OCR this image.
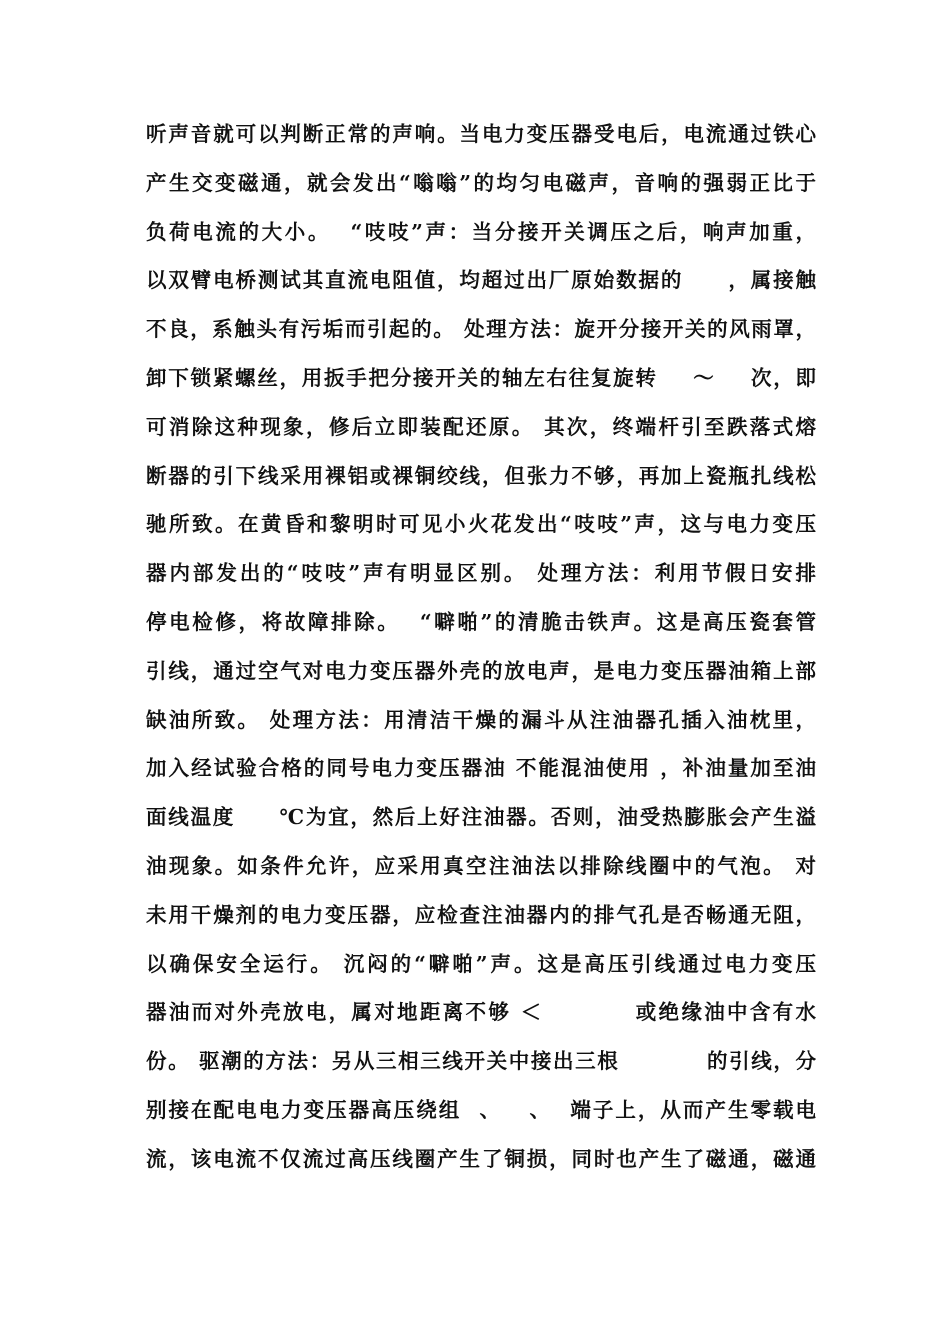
听声音就可以判断正常的声响。当电力变压器受电后，电流通过铁心
产生交变磁通，就会发出“嗡嗡”的均匀电磁声，音响的强弱正比于
负荷电流的大小。  “吱吱”声：当分接开关调压之后，响声加重，
以双臂电桥测试其直流电阻值，均超过出厂原始数据的     ，属接触
不良，系触头有污垢而引起的。 处理方法：旋开分接开关的风雨罩，
卸下锁紧螺丝，用扳手把分接开关的轴左右往复旋转    ～    次，即
可消除这种现象，修后立即装配还原。 其次，终端杆引至跌落式熔
断器的引下线采用裸铝或裸铜绞线，但张力不够，再加上瓷瓶扎线松
驰所致。在黄昏和黎明时可见小火花发出“吱吱”声，这与电力变压
器内部发出的“吱吱”声有明显区别。 处理方法：利用节假日安排
停电检修，将故障排除。  “噼啪”的清脆击铁声。这是高压瓷套管
引线，通过空气对电力变压器外壳的放电声，是电力变压器油箱上部
缺油所致。 处理方法：用清洁干燥的漏斗从注油器孔插入油枕里，
加入经试验合格的同号电力变压器油 不能混油使用 ，补油量加至油
面线温度     ℃为宜，然后上好注油器。否则，油受热膨胀会产生溢
油现象。如条件允许，应采用真空注油法以排除线圈中的气泡。 对
未用干燥剂的电力变压器，应检查注油器内的排气孔是否畅通无阻，
以确保安全运行。 沉闷的“噼啪”声。这是高压引线通过电力变压
器油而对外壳放电，属对地距离不够 ＜          或绝缘油中含有水
份。 驱潮的方法：另从三相三线开关中接出三根          的引线，分
别接在配电电力变压器高压绕组  、   、  端子上，从而产生零载电
流，该电流不仅流过高压线圈产生了铜损，同时也产生了磁通，磁通
